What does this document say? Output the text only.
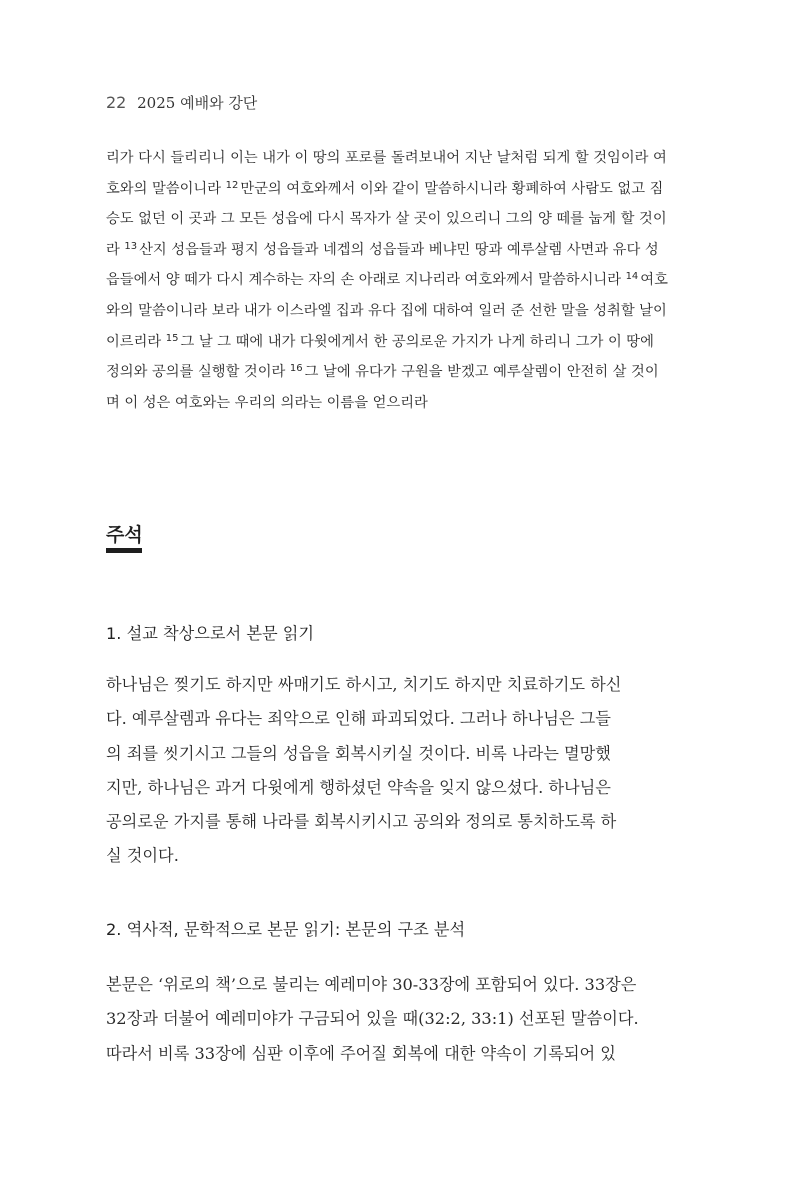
22 2025 예배와 강단
리가 다시 들리리니 이는 내가 이 땅의 포로를 돌려보내어 지난 날처럼 되게 할 것임이라 여
호와의 말씀이니라 $^{12}$ 만군의 여호와께서 이와 같이 말씀하시니라 황폐하여 사람도 없고 짐
승도 없던 이 곳과 그 모든 성읍에 다시 목자가 살 곳이 있으리니 그의 양 떼를 눕게 할 것이
라 $^{13}$ 산지 성읍들과 평지 성읍들과 네겝의 성읍들과 베냐민 땅과 예루살렘 사면과 유다 성
읍들에서 양 떼가 다시 계수하는 자의 손 아래로 지나리라 여호와께서 말씀하시니라 $^{14}$ 여호
와의 말씀이니라 보라 내가 이스라엘 집과 유다 집에 대하여 일러 준 선한 말을 성취할 날이
이르리라 $^{15}$ 그 날 그 때에 내가 다윗에게서 한 공의로운 가지가 나게 하리니 그가 이 땅에
정의와 공의를 실행할 것이라 $^{16}$ 그 날에 유다가 구원을 받겠고 예루살렘이 안전히 살 것이
며 이 성은 여호와는 우리의 의라는 이름을 얻으리라
주석
1. 설교 착상으로서 본문 읽기
하나님은 찢기도 하지만 싸매기도 하시고, 치기도 하지만 치료하기도 하신
다. 예루살렘과 유다는 죄악으로 인해 파괴되었다. 그러나 하나님은 그들
의 죄를 씻기시고 그들의 성읍을 회복시키실 것이다. 비록 나라는 멸망했
지만, 하나님은 과거 다윗에게 행하셨던 약속을 잊지 않으셨다. 하나님은
공의로운 가지를 통해 나라를 회복시키시고 공의와 정의로 통치하도록 하
실 것이다.
2. 역사적, 문학적으로 본문 읽기: 본문의 구조 분석
본문은 ‘위로의 책’으로 불리는 예레미야 30-33장에 포함되어 있다. 33장은
32장과 더불어 예레미야가 구금되어 있을 때(32:2, 33:1) 선포된 말씀이다.
따라서 비록 33장에 심판 이후에 주어질 회복에 대한 약속이 기록되어 있
